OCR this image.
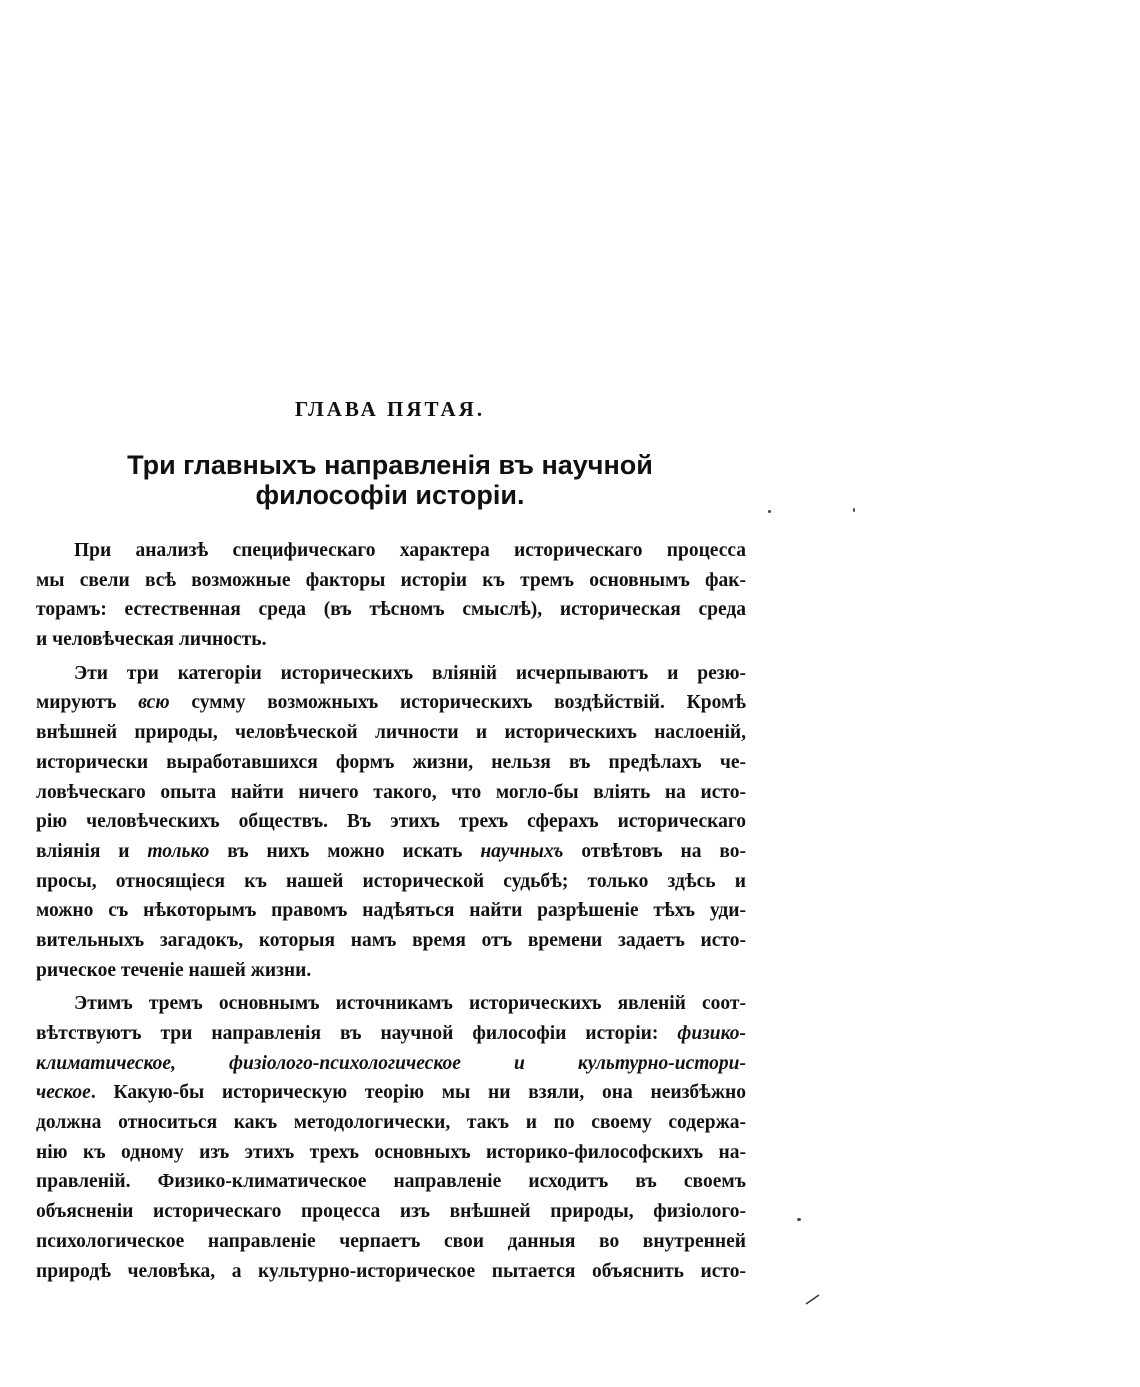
ГЛАВА ПЯТАЯ.
Три главныхъ направленія въ научной
философіи исторіи.

При анализѣ специфическаго характера историческаго процесса
мы свели всѣ возможные факторы исторіи къ тремъ основнымъ фак-
торамъ: естественная среда (въ тѣсномъ смыслѣ), историческая среда
и человѣческая личность.

Эти три категоріи историческихъ вліяній исчерпываютъ и резю-
мируютъ всю сумму возможныхъ историческихъ воздѣйствій. Кромѣ
внѣшней природы, человѣческой личности и историческихъ наслоеній,
исторически выработавшихся формъ жизни, нельзя въ предѣлахъ че-
ловѣческаго опыта найти ничего такого, что могло-бы вліять на исто-
рію человѣческихъ обществъ. Въ этихъ трехъ сферахъ историческаго
вліянія и только въ нихъ можно искать научныхъ отвѣтовъ на во-
просы, относящіеся къ нашей исторической судьбѣ; только здѣсь и
можно съ нѣкоторымъ правомъ надѣяться найти разрѣшеніе тѣхъ уди-
вительныхъ загадокъ, которыя намъ время отъ времени задаетъ исто-
рическое теченіе нашей жизни.

Этимъ тремъ основнымъ источникамъ историческихъ явленій соот-
вѣтствуютъ три направленія въ научной философіи исторіи: физико-
климатическое, физіолого-психологическое и культурно-истори-
ческое. Какую-бы историческую теорію мы ни взяли, она неизбѣжно
должна относиться какъ методологически, такъ и по своему содержа-
нію къ одному изъ этихъ трехъ основныхъ историко-философскихъ на-
правленій. Физико-климатическое направленіе исходитъ въ своемъ
объясненіи историческаго процесса изъ внѣшней природы, физіолого-
психологическое направленіе черпаетъ свои данныя во внутренней
природѣ человѣка, а культурно-историческое пытается объяснить исто-
